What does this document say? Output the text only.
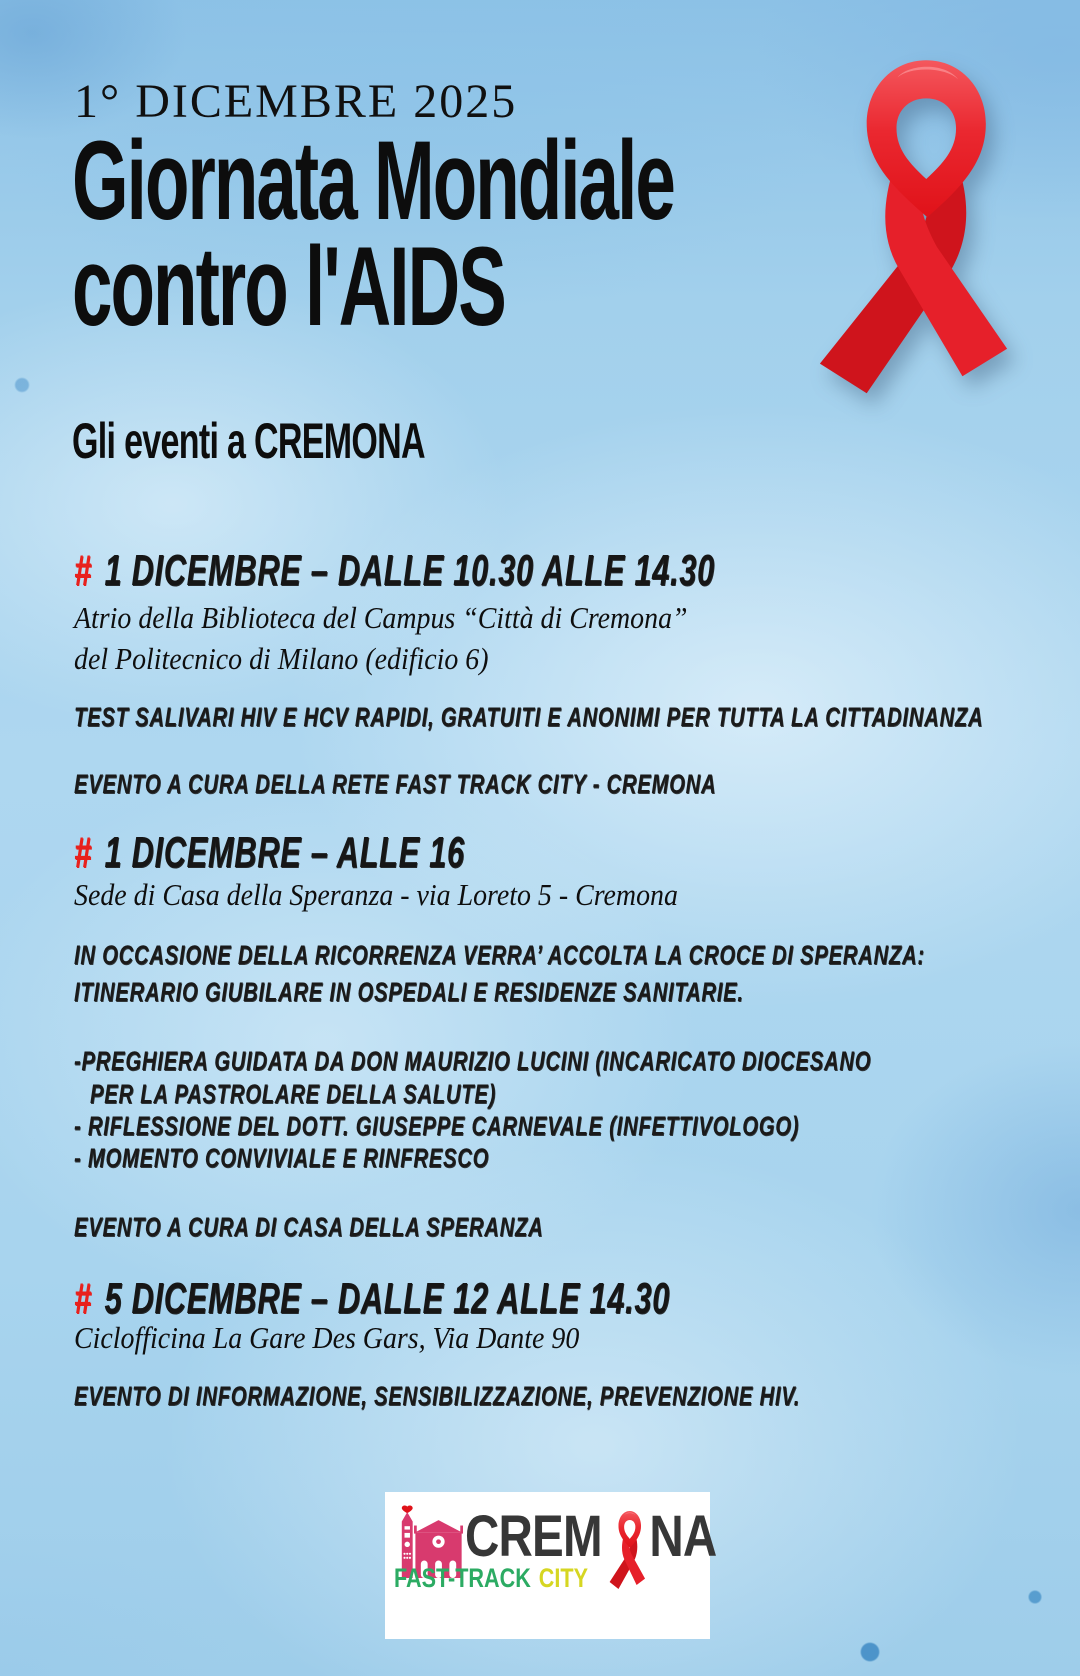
1° DICEMBRE 2025
Giornata Mondiale
contro l'AIDS
Gli eventi a CREMONA
# 1 DICEMBRE – DALLE 10.30 ALLE 14.30
Atrio della Biblioteca del Campus “Città di Cremona”
del Politecnico di Milano (edificio 6)
TEST SALIVARI HIV E HCV RAPIDI, GRATUITI E ANONIMI PER TUTTA LA CITTADINANZA
EVENTO A CURA DELLA RETE FAST TRACK CITY - CREMONA
# 1 DICEMBRE – ALLE 16
Sede di Casa della Speranza - via Loreto 5 - Cremona
IN OCCASIONE DELLA RICORRENZA VERRA’ ACCOLTA LA CROCE DI SPERANZA:
ITINERARIO GIUBILARE IN OSPEDALI E RESIDENZE SANITARIE.
-PREGHIERA GUIDATA DA DON MAURIZIO LUCINI (INCARICATO DIOCESANO
PER LA PASTROLARE DELLA SALUTE)
- RIFLESSIONE DEL DOTT. GIUSEPPE CARNEVALE (INFETTIVOLOGO)
- MOMENTO CONVIVIALE E RINFRESCO
EVENTO A CURA DI CASA DELLA SPERANZA
# 5 DICEMBRE – DALLE 12 ALLE 14.30
Ciclofficina La Gare Des Gars, Via Dante 90
EVENTO DI INFORMAZIONE, SENSIBILIZZAZIONE, PREVENZIONE HIV.
CREM NA
FAST-TRACK CITY
